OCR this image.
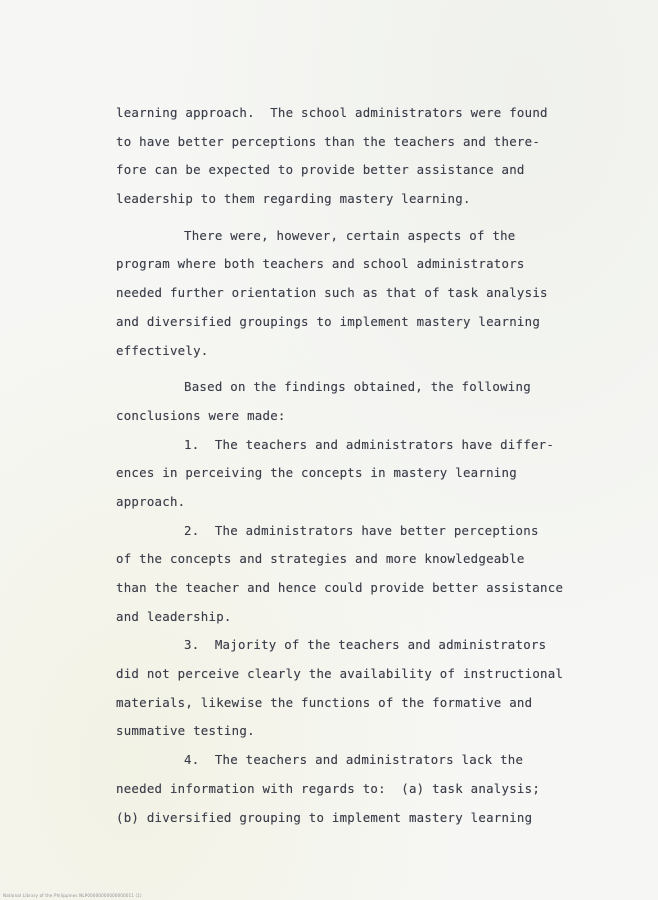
learning approach.  The school administrators were found
to have better perceptions than the teachers and there-
fore can be expected to provide better assistance and
leadership to them regarding mastery learning.
There were, however, certain aspects of the
program where both teachers and school administrators
needed further orientation such as that of task analysis
and diversified groupings to implement mastery learning
effectively.
Based on the findings obtained, the following
conclusions were made:
1.  The teachers and administrators have differ-
ences in perceiving the concepts in mastery learning
approach.
2.  The administrators have better perceptions
of the concepts and strategies and more knowledgeable
than the teacher and hence could provide better assistance
and leadership.
3.  Majority of the teachers and administrators
did not perceive clearly the availability of instructional
materials, likewise the functions of the formative and
summative testing.
4.  The teachers and administrators lack the
needed information with regards to:  (a) task analysis;
(b) diversified grouping to implement mastery learning
National Library of the Philippines NLP00000000000000011 (1)
